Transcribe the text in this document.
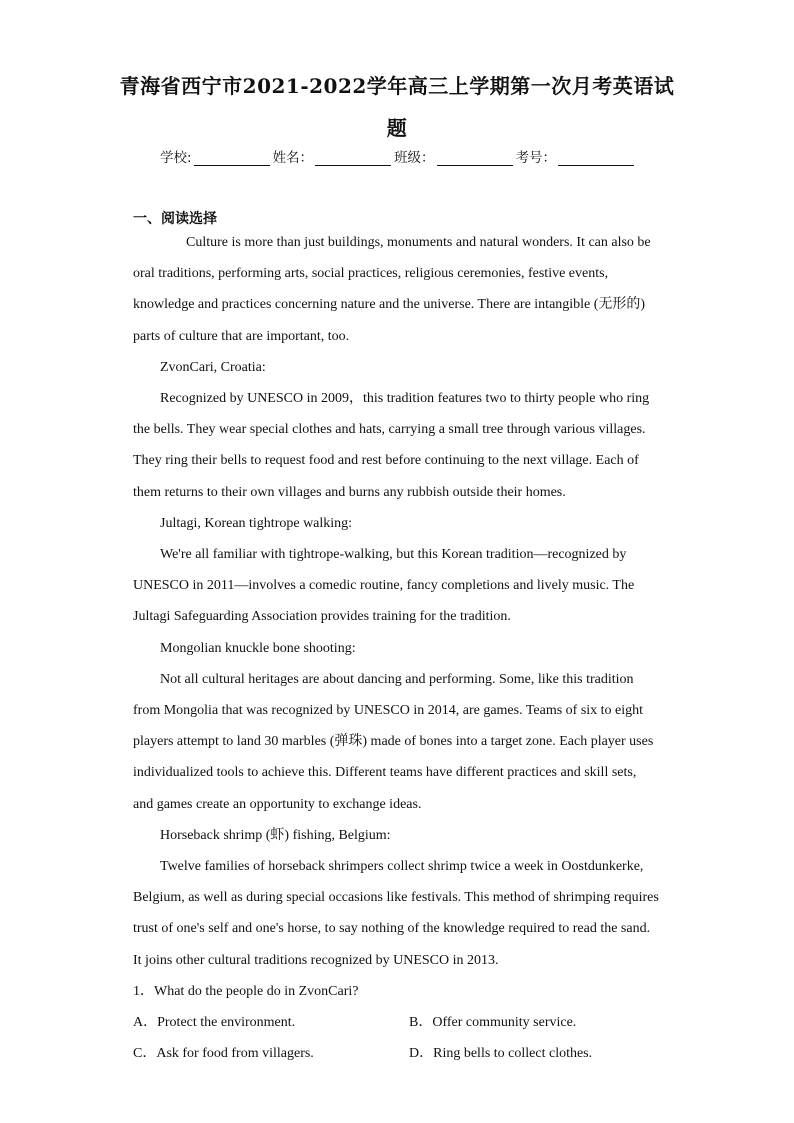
青海省西宁市2021-2022学年高三上学期第一次月考英语试
题
学校:	姓名：	班级：	考号：
一、阅读选择
Culture is more than just buildings, monuments and natural wonders. It can also be
oral traditions, performing arts, social practices, religious ceremonies, festive events,
knowledge and practices concerning nature and the universe. There are intangible (无形的)
parts of culture that are important, too.
ZvonCari, Croatia:
Recognized by UNESCO in 2009，this tradition features two to thirty people who ring
the bells. They wear special clothes and hats, carrying a small tree through various villages.
They ring their bells to request food and rest before continuing to the next village. Each of
them returns to their own villages and burns any rubbish outside their homes.
Jultagi, Korean tightrope walking:
We're all familiar with tightrope-walking, but this Korean tradition—recognized by
UNESCO in 2011—involves a comedic routine, fancy completions and lively music. The
Jultagi Safeguarding Association provides training for the tradition.
Mongolian knuckle bone shooting:
Not all cultural heritages are about dancing and performing. Some, like this tradition
from Mongolia that was recognized by UNESCO in 2014, are games. Teams of six to eight
players attempt to land 30 marbles (弹珠) made of bones into a target zone. Each player uses
individualized tools to achieve this. Different teams have different practices and skill sets,
and games create an opportunity to exchange ideas.
Horseback shrimp (虾) fishing, Belgium:
Twelve families of horseback shrimpers collect shrimp twice a week in Oostdunkerke,
Belgium, as well as during special occasions like festivals. This method of shrimping requires
trust of one's self and one's horse, to say nothing of the knowledge required to read the sand.
It joins other cultural traditions recognized by UNESCO in 2013.
1．What do the people do in ZvonCari?
A．Protect the environment.	B．Offer community service.
C．Ask for food from villagers.	D．Ring bells to collect clothes.
